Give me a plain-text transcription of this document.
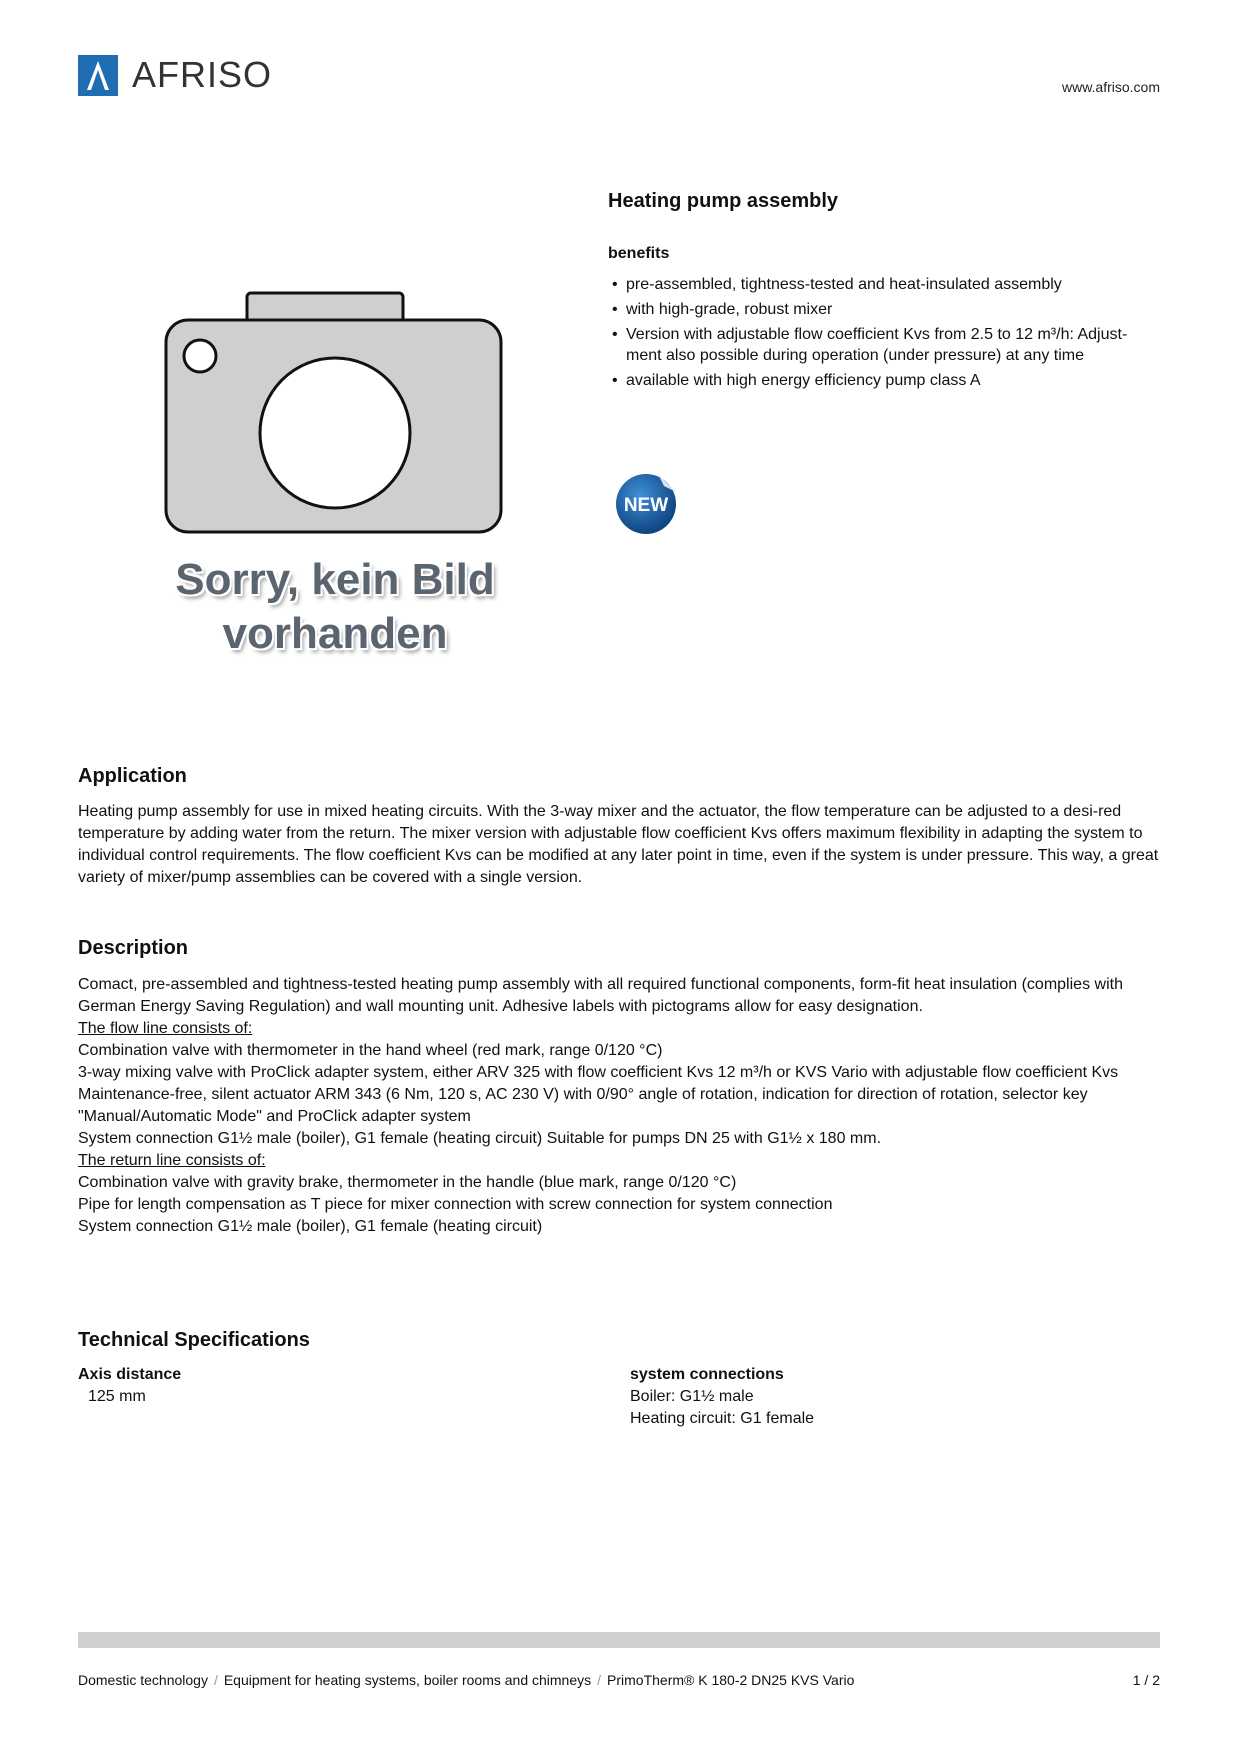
AFRISO	www.afriso.com
Sorry, kein Bild
vorhanden
Heating pump assembly
benefits
• pre-assembled, tightness-tested and heat-insulated assembly
• with high-grade, robust mixer
• Version with adjustable flow coefficient Kvs from 2.5 to 12 m³/h: Adjust-ment also possible during operation (under pressure) at any time
• available with high energy efficiency pump class A
NEW
Application
Heating pump assembly for use in mixed heating circuits. With the 3-way mixer and the actuator, the flow temperature can be adjusted to a desi-red temperature by adding water from the return. The mixer version with adjustable flow coefficient Kvs offers maximum flexibility in adapting the system to individual control requirements. The flow coefficient Kvs can be modified at any later point in time, even if the system is under pressure. This way, a great variety of mixer/pump assemblies can be covered with a single version.
Description

Comact, pre-assembled and tightness-tested heating pump assembly with all required functional components, form-fit heat insulation (complies with German Energy Saving Regulation) and wall mounting unit. Adhesive labels with pictograms allow for easy designation.

The flow line consists of:

Combination valve with thermometer in the hand wheel (red mark, range 0/120 °C)

3-way mixing valve with ProClick adapter system, either ARV 325 with flow coefficient Kvs 12 m³/h or KVS Vario with adjustable flow coefficient Kvs

Maintenance-free, silent actuator ARM 343 (6 Nm, 120 s, AC 230 V) with 0/90° angle of rotation, indication for direction of rotation, selector key "Manual/Automatic Mode" and ProClick adapter system

System connection G1½ male (boiler), G1 female (heating circuit) Suitable for pumps DN 25 with G1½ x 180 mm.

The return line consists of:

Combination valve with gravity brake, thermometer in the handle (blue mark, range 0/120 °C)

Pipe for length compensation as T piece for mixer connection with screw connection for system connection

System connection G1½ male (boiler), G1 female (heating circuit)

Technical Specifications
Axis distance
125 mm
system connections
Boiler: G1½ male
Heating circuit: G1 female
Domestic technology / Equipment for heating systems, boiler rooms and chimneys / PrimoTherm® K 180-2 DN25 KVS Vario	1 / 2
